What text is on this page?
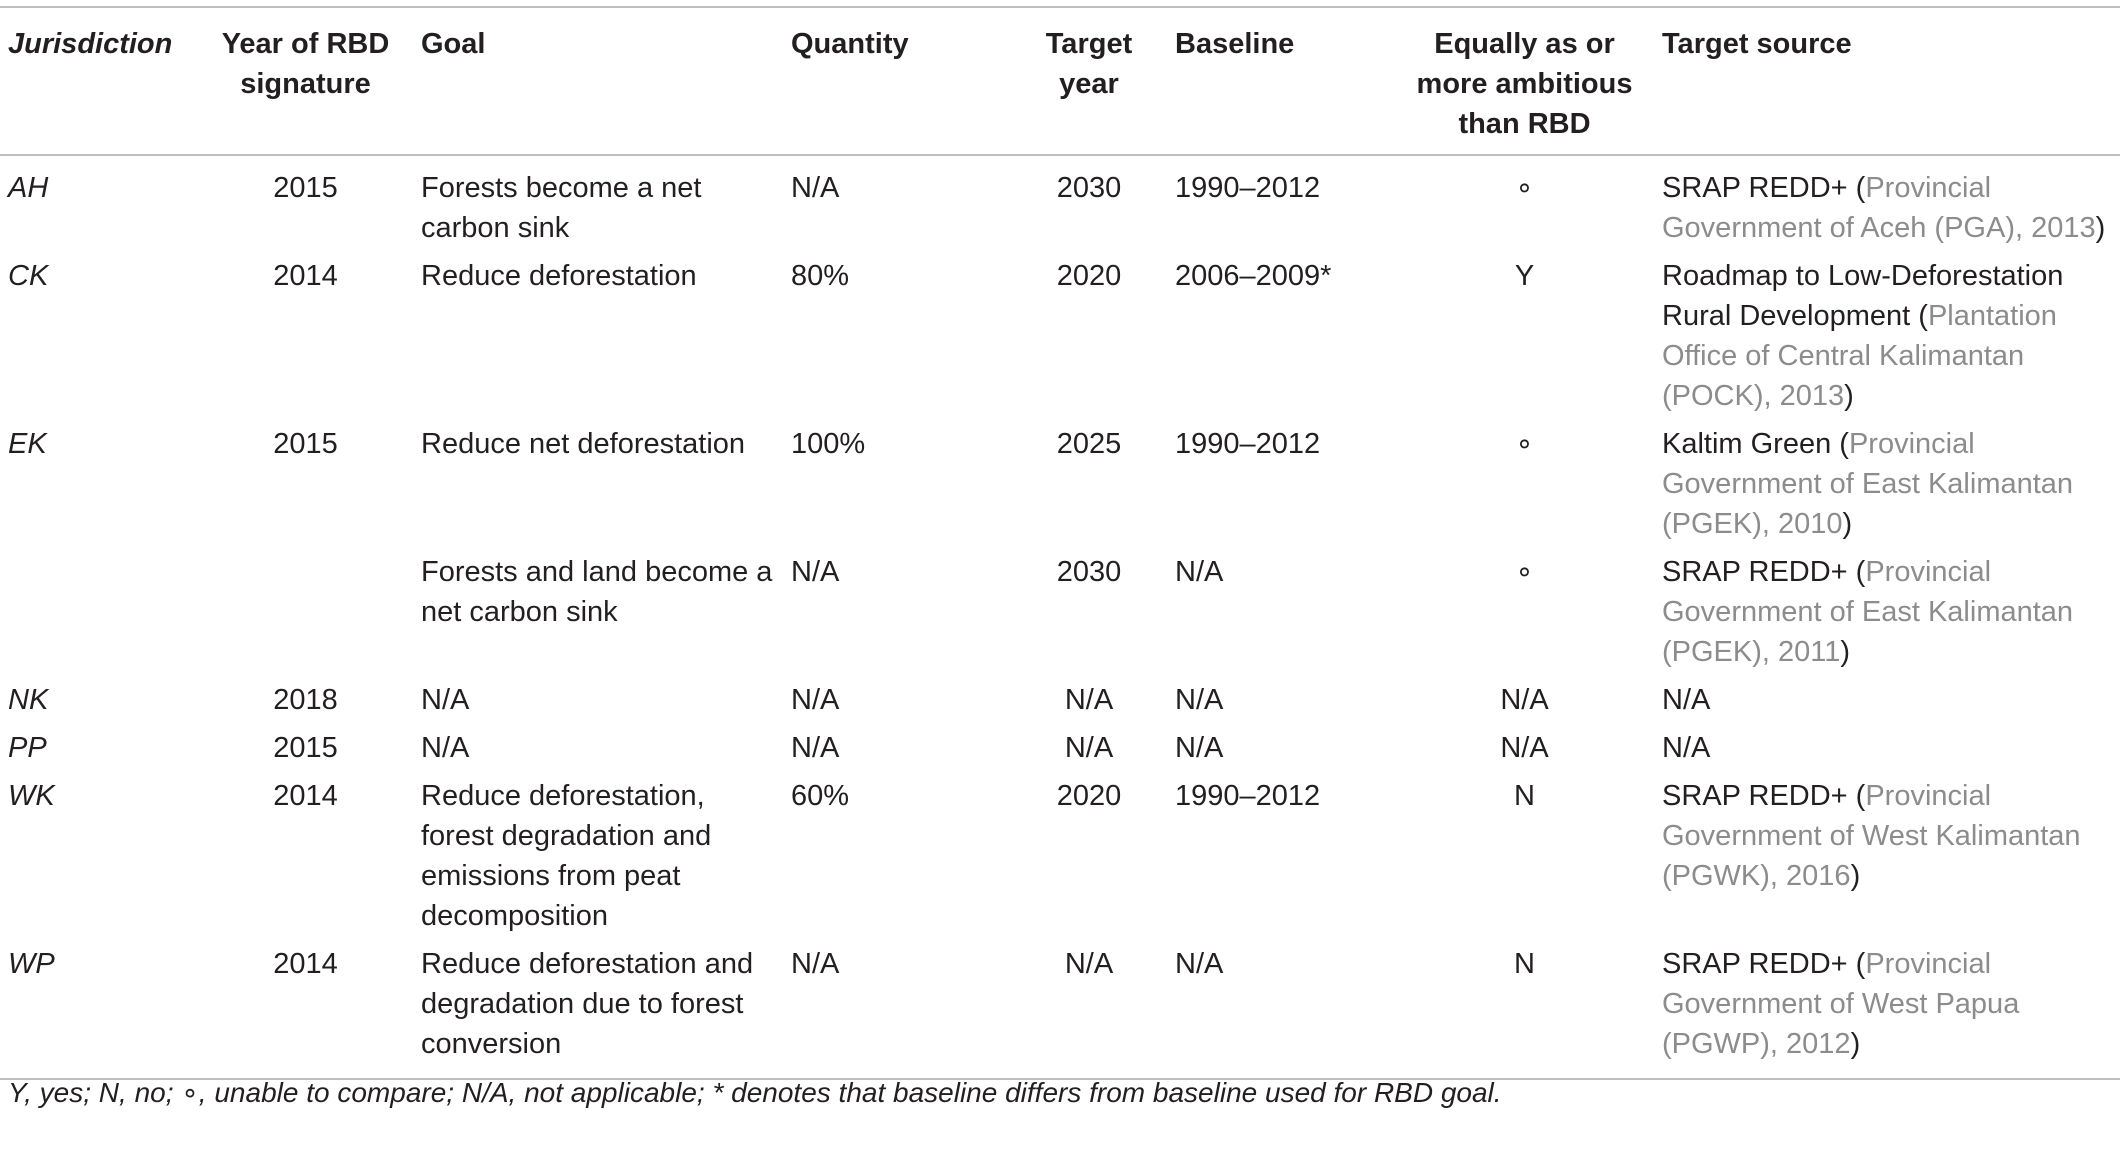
Jurisdiction	Year of RBD signature	Goal	Quantity	Target year	Baseline	Equally as or more ambitious than RBD	Target source
AH	2015	Forests become a net carbon sink	N/A	2030	1990–2012	∘	SRAP REDD+ (Provincial Government of Aceh (PGA), 2013)
CK	2014	Reduce deforestation	80%	2020	2006–2009*	Y	Roadmap to Low-Deforestation Rural Development (Plantation Office of Central Kalimantan (POCK), 2013)
EK	2015	Reduce net deforestation	100%	2025	1990–2012	∘	Kaltim Green (Provincial Government of East Kalimantan (PGEK), 2010)
		Forests and land become a net carbon sink	N/A	2030	N/A	∘	SRAP REDD+ (Provincial Government of East Kalimantan (PGEK), 2011)
NK	2018	N/A	N/A	N/A	N/A	N/A	N/A
PP	2015	N/A	N/A	N/A	N/A	N/A	N/A
WK	2014	Reduce deforestation, forest degradation and emissions from peat decomposition	60%	2020	1990–2012	N	SRAP REDD+ (Provincial Government of West Kalimantan (PGWK), 2016)
WP	2014	Reduce deforestation and degradation due to forest conversion	N/A	N/A	N/A	N	SRAP REDD+ (Provincial Government of West Papua (PGWP), 2012)
Y, yes; N, no; ∘, unable to compare; N/A, not applicable; * denotes that baseline differs from baseline used for RBD goal.
